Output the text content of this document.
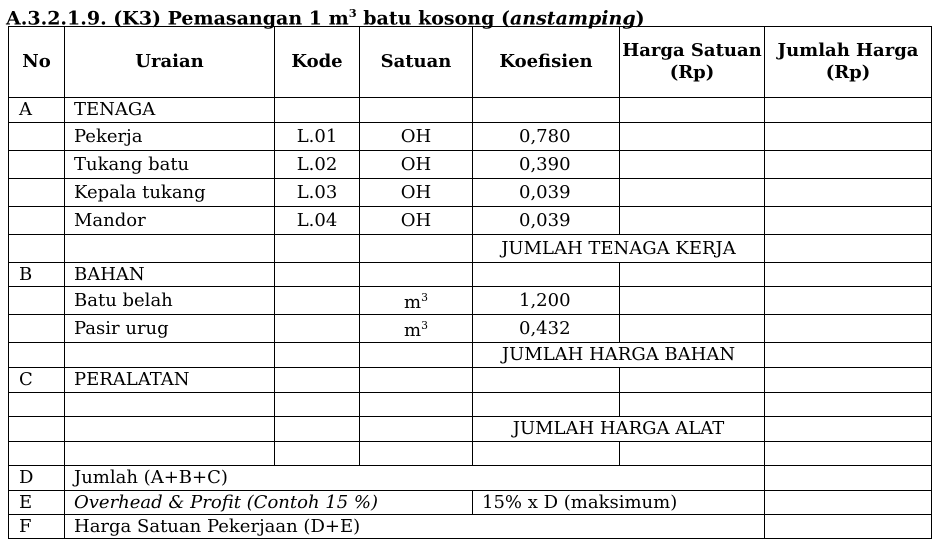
A.3.2.1.9. (K3) Pemasangan 1 $m^3$ batu kosong (anstamping)
No	Uraian	Kode	Satuan	Koefisien	Harga Satuan (Rp)	Jumlah Harga (Rp)
A	TENAGA					
	Pekerja	L.01	OH	0,780		
	Tukang batu	L.02	OH	0,390		
	Kepala tukang	L.03	OH	0,039		
	Mandor	L.04	OH	0,039		
				JUMLAH TENAGA KERJA		
B	BAHAN					
	Batu belah		$m^3$	1,200		
	Pasir urug		$m^3$	0,432		
				JUMLAH HARGA BAHAN		
C	PERALATAN					

				JUMLAH HARGA ALAT		

D	Jumlah (A+B+C)					
E	Overhead & Profit (Contoh 15 %)			15% x D (maksimum)		
F	Harga Satuan Pekerjaan (D+E)					
